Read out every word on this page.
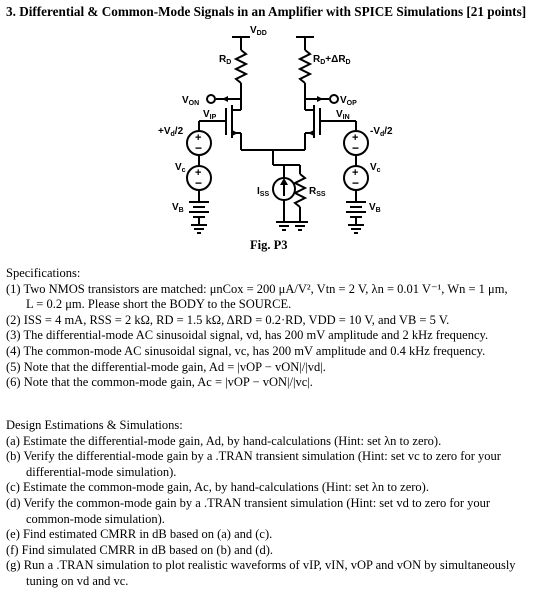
3. Differential & Common-Mode Signals in an Amplifier with SPICE Simulations [21 points]
+
−
+
−
+
−
+
−
$V_{DD}$
$R_D$	$R_D+\Delta R_D$
$V_{ON}$	$V_{OP}$
$V_{IP}$	$V_{IN}$
$+V_d/2$	$-V_d/2$
$V_c$	$V_c$
$V_B$	$V_B$
$I_{SS}$	$R_{SS}$
Fig. P3
Specifications:
(1) Two NMOS transistors are matched: μnCox = 200 μA/V², Vtn = 2 V, λn = 0.01 V⁻¹, Wn = 1 μm,
L = 0.2 μm. Please short the BODY to the SOURCE.
(2) ISS = 4 mA, RSS = 2 kΩ, RD = 1.5 kΩ, ΔRD = 0.2·RD, VDD = 10 V, and VB = 5 V.
(3) The differential-mode AC sinusoidal signal, vd, has 200 mV amplitude and 2 kHz frequency.
(4) The common-mode AC sinusoidal signal, vc, has 200 mV amplitude and 0.4 kHz frequency.
(5) Note that the differential-mode gain, Ad = |vOP − vON|/|vd|.
(6) Note that the common-mode gain, Ac = |vOP − vON|/|vc|.
Design Estimations & Simulations:
(a) Estimate the differential-mode gain, Ad, by hand-calculations (Hint: set λn to zero).
(b) Verify the differential-mode gain by a .TRAN transient simulation (Hint: set vc to zero for your
differential-mode simulation).
(c) Estimate the common-mode gain, Ac, by hand-calculations (Hint: set λn to zero).
(d) Verify the common-mode gain by a .TRAN transient simulation (Hint: set vd to zero for your
common-mode simulation).
(e) Find estimated CMRR in dB based on (a) and (c).
(f) Find simulated CMRR in dB based on (b) and (d).
(g) Run a .TRAN simulation to plot realistic waveforms of vIP, vIN, vOP and vON by simultaneously
tuning on vd and vc.
